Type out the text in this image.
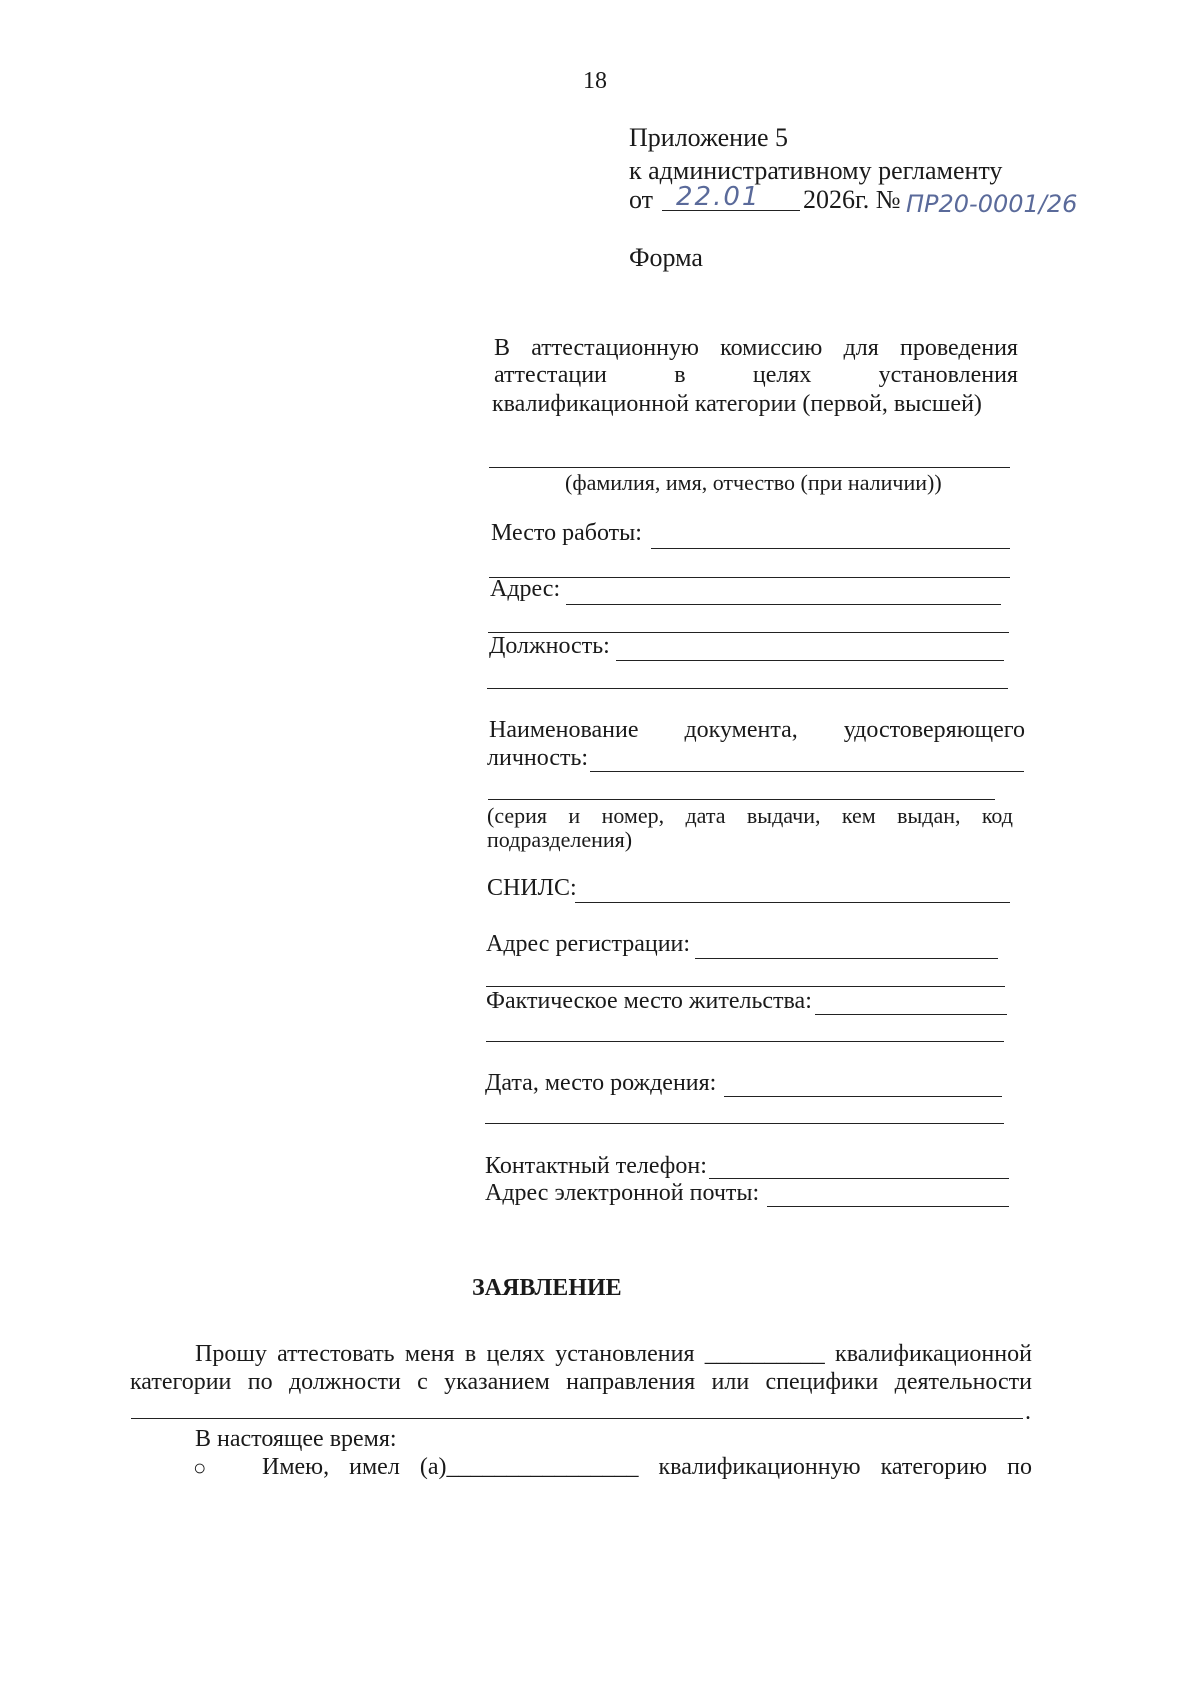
18
Приложение 5
к административному регламенту
от 22.01 2026г. № ПР20-0001/26
Форма
В аттестационную комиссию для проведения
аттестации	в	целях	установления
квалификационной категории (первой, высшей)
(фамилия, имя, отчество (при наличии))
Место работы:
Адрес:
Должность:
Наименование документа, удостоверяющего
личность:
(серия и номер, дата выдачи, кем выдан, код
подразделения)
СНИЛС:
Адрес регистрации:
Фактическое место жительства:
Дата, место рождения:
Контактный телефон:
Адрес электронной почты:
ЗАЯВЛЕНИЕ
Прошу аттестовать меня в целях установления __________ квалификационной
категории по должности с указанием направления или специфики деятельности
.
В настоящее время:
○ Имею, имел (а)________________ квалификационную категорию по
